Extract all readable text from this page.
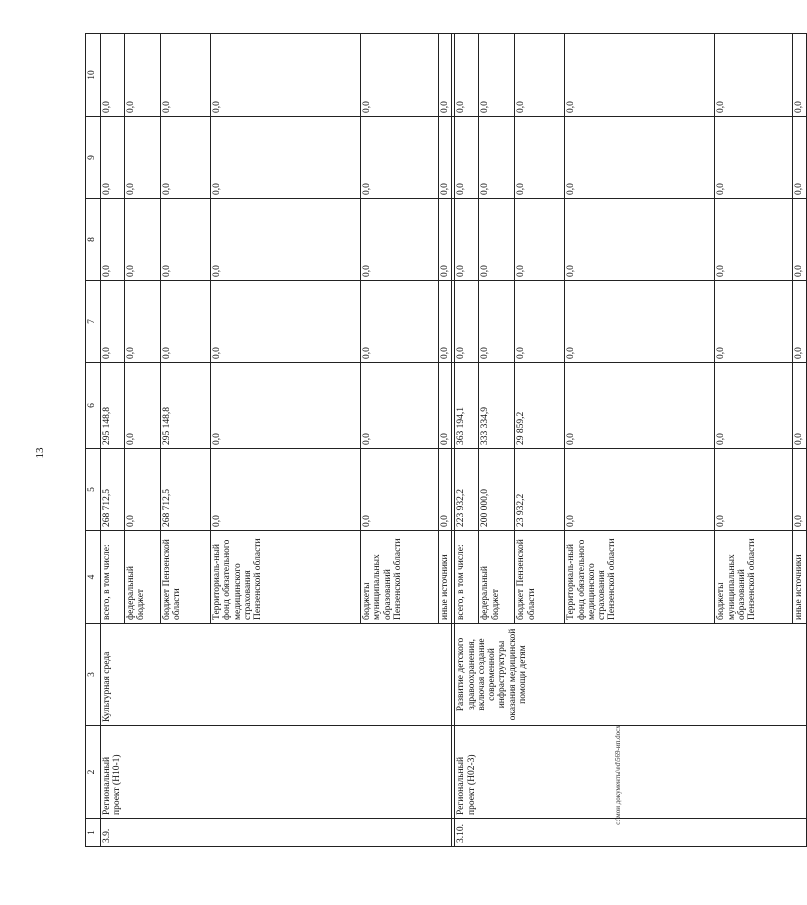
13
с:\мои документы\ed\569-ип.docx
1	2	3	4	5	6	7	8	9	10
3.9.	Региональный проект (Н10-1)	Культурная среда	всего, в том числе:	268 712,5	295 148,8	0,0	0,0	0,0	0,0
			федеральный бюджет	0,0	0,0	0,0	0,0	0,0	0,0
			бюджет Пензенской области	268 712,5	295 148,8	0,0	0,0	0,0	0,0
			Территориаль-ный фонд обязательного медицинского страхования Пензенской области	0,0	0,0	0,0	0,0	0,0	0,0
			бюджеты муниципальных образований Пензенской области	0,0	0,0	0,0	0,0	0,0	0,0
			иные источники	0,0	0,0	0,0	0,0	0,0	0,0

3.10.	Региональный проект (Н02-3)	Развитие детского здравоохранения, включая создание современной инфраструктуры оказания медицинской помощи детям	всего, в том числе:	223 932,2	363 194,1	0,0	0,0	0,0	0,0
			федеральный бюджет	200 000,0	333 334,9	0,0	0,0	0,0	0,0
			бюджет Пензенской области	23 932,2	29 859,2	0,0	0,0	0,0	0,0
			Территориаль-ный фонд обязательного медицинского страхования Пензенской области	0,0	0,0	0,0	0,0	0,0	0,0
			бюджеты муниципальных образований Пензенской области	0,0	0,0	0,0	0,0	0,0	0,0
			иные источники	0,0	0,0	0,0	0,0	0,0	0,0
